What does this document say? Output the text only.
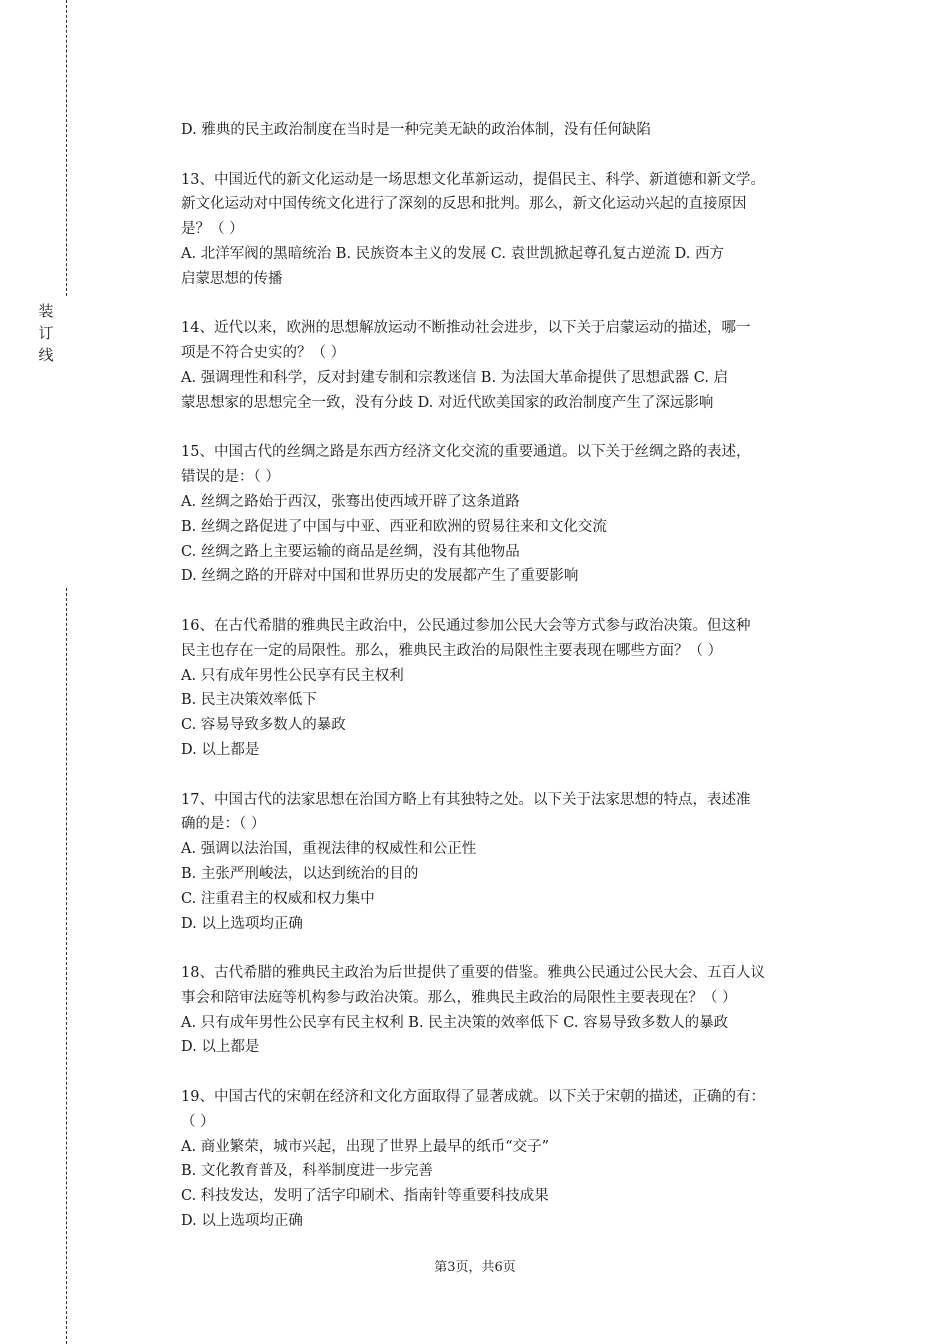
装
订
线
D. 雅典的民主政治制度在当时是一种完美无缺的政治体制，没有任何缺陷
13、中国近代的新文化运动是一场思想文化革新运动，提倡民主、科学、新道德和新文学。
新文化运动对中国传统文化进行了深刻的反思和批判。那么，新文化运动兴起的直接原因
是？（ ）
A. 北洋军阀的黑暗统治 B. 民族资本主义的发展 C. 袁世凯掀起尊孔复古逆流 D. 西方
启蒙思想的传播
14、近代以来，欧洲的思想解放运动不断推动社会进步，以下关于启蒙运动的描述，哪一
项是不符合史实的？（ ）
A. 强调理性和科学，反对封建专制和宗教迷信 B. 为法国大革命提供了思想武器 C. 启
蒙思想家的思想完全一致，没有分歧 D. 对近代欧美国家的政治制度产生了深远影响
15、中国古代的丝绸之路是东西方经济文化交流的重要通道。以下关于丝绸之路的表述，
错误的是：（ ）
A. 丝绸之路始于西汉，张骞出使西域开辟了这条道路
B. 丝绸之路促进了中国与中亚、西亚和欧洲的贸易往来和文化交流
C. 丝绸之路上主要运输的商品是丝绸，没有其他物品
D. 丝绸之路的开辟对中国和世界历史的发展都产生了重要影响
16、在古代希腊的雅典民主政治中，公民通过参加公民大会等方式参与政治决策。但这种
民主也存在一定的局限性。那么，雅典民主政治的局限性主要表现在哪些方面？（ ）
A. 只有成年男性公民享有民主权利
B. 民主决策效率低下
C. 容易导致多数人的暴政
D. 以上都是
17、中国古代的法家思想在治国方略上有其独特之处。以下关于法家思想的特点，表述准
确的是：（ ）
A. 强调以法治国，重视法律的权威性和公正性
B. 主张严刑峻法，以达到统治的目的
C. 注重君主的权威和权力集中
D. 以上选项均正确
18、古代希腊的雅典民主政治为后世提供了重要的借鉴。雅典公民通过公民大会、五百人议
事会和陪审法庭等机构参与政治决策。那么，雅典民主政治的局限性主要表现在？（ ）
A. 只有成年男性公民享有民主权利 B. 民主决策的效率低下 C. 容易导致多数人的暴政
D. 以上都是
19、中国古代的宋朝在经济和文化方面取得了显著成就。以下关于宋朝的描述，正确的有：
（ ）
A. 商业繁荣，城市兴起，出现了世界上最早的纸币“交子”
B. 文化教育普及，科举制度进一步完善
C. 科技发达，发明了活字印刷术、指南针等重要科技成果
D. 以上选项均正确
第3页，共6页
